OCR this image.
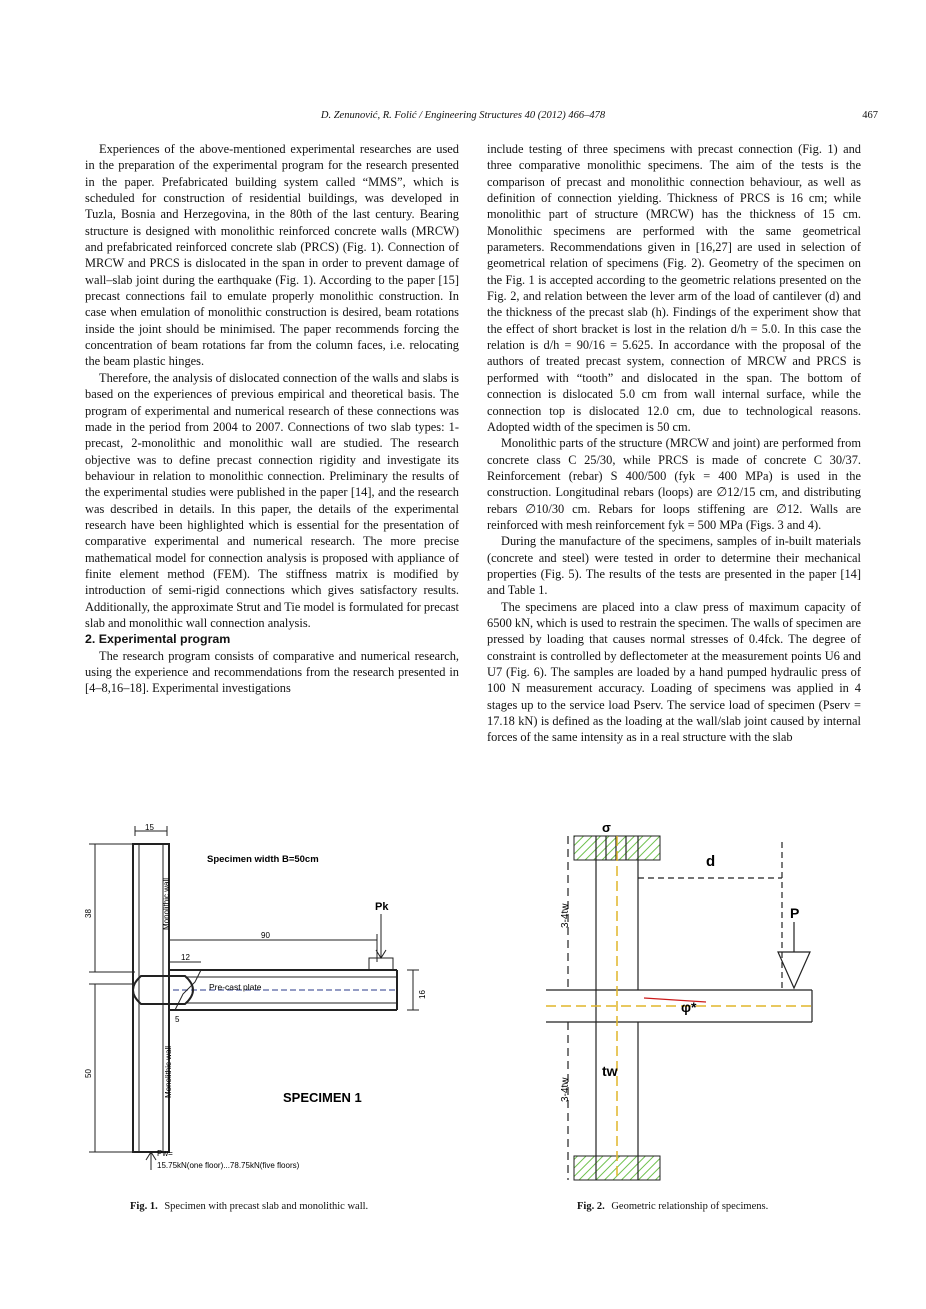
D. Zenunović, R. Folić / Engineering Structures 40 (2012) 466–478	467

Experiences of the above-mentioned experimental researches are used in the preparation of the experimental program for the research presented in the paper. Prefabricated building system called “MMS”, which is scheduled for construction of residential buildings, was developed in Tuzla, Bosnia and Herzegovina, in the 80th of the last century. Bearing structure is designed with monolithic reinforced concrete walls (MRCW) and prefabricated reinforced concrete slab (PRCS) (Fig. 1). Connection of MRCW and PRCS is dislocated in the span in order to prevent damage of wall–slab joint during the earthquake (Fig. 1). According to the paper [15] precast connections fail to emulate properly monolithic construction. In case when emulation of monolithic construction is desired, beam rotations inside the joint should be minimised. The paper recommends forcing the concentration of beam rotations far from the column faces, i.e. relocating the beam plastic hinges.

Therefore, the analysis of dislocated connection of the walls and slabs is based on the experiences of previous empirical and theoretical basis. The program of experimental and numerical research of these connections was made in the period from 2004 to 2007. Connections of two slab types: 1-precast, 2-monolithic and monolithic wall are studied. The research objective was to define precast connection rigidity and investigate its behaviour in relation to monolithic connection. Preliminary the results of the experimental studies were published in the paper [14], and the research was described in details. In this paper, the details of the experimental research have been highlighted which is essential for the presentation of comparative experimental and numerical research. The more precise mathematical model for connection analysis is proposed with appliance of finite element method (FEM). The stiffness matrix is modified by introduction of semi-rigid connections which gives satisfactory results. Additionally, the approximate Strut and Tie model is formulated for precast slab and monolithic wall connection analysis.

2. Experimental program

The research program consists of comparative and numerical research, using the experience and recommendations from the research presented in [4–8,16–18]. Experimental investigations

include testing of three specimens with precast connection (Fig. 1) and three comparative monolithic specimens. The aim of the tests is the comparison of precast and monolithic connection behaviour, as well as definition of connection yielding. Thickness of PRCS is 16 cm; while monolithic part of structure (MRCW) has the thickness of 15 cm. Monolithic specimens are performed with the same geometrical parameters. Recommendations given in [16,27] are used in selection of geometrical relation of specimens (Fig. 2). Geometry of the specimen on the Fig. 1 is accepted according to the geometric relations presented on the Fig. 2, and relation between the lever arm of the load of cantilever (d) and the thickness of the precast slab (h). Findings of the experiment show that the effect of short bracket is lost in the relation d/h = 5.0. In this case the relation is d/h = 90/16 = 5.625. In accordance with the proposal of the authors of treated precast system, connection of MRCW and PRCS is performed with “tooth” and dislocated in the span. The bottom of connection is dislocated 5.0 cm from wall internal surface, while the connection top is dislocated 12.0 cm, due to technological reasons. Adopted width of the specimen is 50 cm.

Monolithic parts of the structure (MRCW and joint) are performed from concrete class C 25/30, while PRCS is made of concrete C 30/37. Reinforcement (rebar) S 400/500 (fyk = 400 MPa) is used in the construction. Longitudinal rebars (loops) are ∅12/15 cm, and distributing rebars ∅10/30 cm. Rebars for loops stiffening are ∅12. Walls are reinforced with mesh reinforcement fyk = 500 MPa (Figs. 3 and 4).

During the manufacture of the specimens, samples of in-built materials (concrete and steel) were tested in order to determine their mechanical properties (Fig. 5). The results of the tests are presented in the paper [14] and Table 1.

The specimens are placed into a claw press of maximum capacity of 6500 kN, which is used to restrain the specimen. The walls of specimen are pressed by loading that causes normal stresses of 0.4fck. The degree of constraint is controlled by deflectometer at the measurement points U6 and U7 (Fig. 6). The samples are loaded by a hand pumped hydraulic press of 100 N measurement accuracy. Loading of specimens was applied in 4 stages up to the service load Pserv. The service load of specimen (Pserv = 17.18 kN) is defined as the loading at the wall/slab joint caused by internal forces of the same intensity as in a real structure with the slab

15
38
50
Specimen width B=50cm
Monolithic wall
Monolithic wall
90
12
5
Pre-cast plate
Pk
16
SPECIMEN 1
Pw=
15.75kN(one floor)...78.75kN(five floors)
σ
d
P
φ*
tw
3-4tw
3-4tw
Fig. 1. Specimen with precast slab and monolithic wall.	Fig. 2. Geometric relationship of specimens.
